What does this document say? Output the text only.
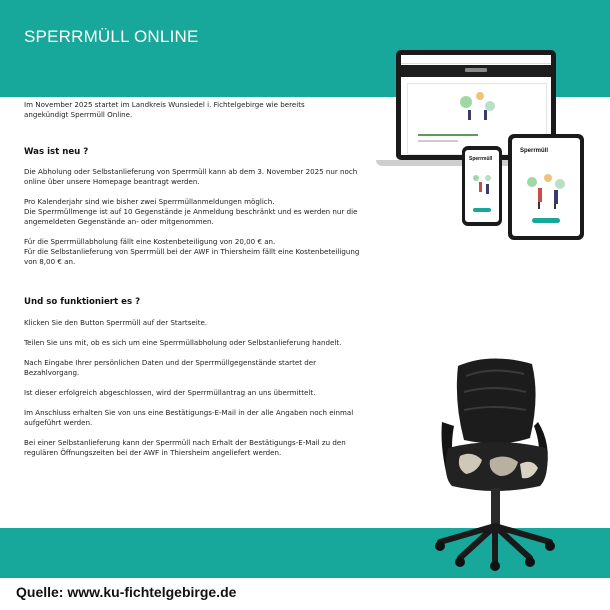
SPERRMÜLL ONLINE

Im November 2025 startet im Landkreis Wunsiedel i. Fichtelgebirge wie bereits
angekündigt Sperrmüll Online.

Was ist neu ?

Die Abholung oder Selbstanlieferung von Sperrmüll kann ab dem 3. November 2025 nur noch
online über unsere Homepage beantragt werden.

Pro Kalenderjahr sind wie bisher zwei Sperrmüllanmeldungen möglich.
Die Sperrmüllmenge ist auf 10 Gegenstände je Anmeldung beschränkt und es werden nur die
angemeldeten Gegenstände an- oder mitgenommen.

Für die Sperrmüllabholung fällt eine Kostenbeteiligung von 20,00 € an.
Für die Selbstanlieferung von Sperrmüll bei der AWF in Thiersheim fällt eine Kostenbeteiligung
von 8,00 € an.

Und so funktioniert es ?

Klicken Sie den Button Sperrmüll auf der Startseite.

Teilen Sie uns mit, ob es sich um eine Sperrmüllabholung oder Selbstanlieferung handelt.

Nach Eingabe Ihrer persönlichen Daten und der Sperrmüllgegenstände startet der
Bezahlvorgang.

Ist dieser erfolgreich abgeschlossen, wird der Sperrmüllantrag an uns übermittelt.

Im Anschluss erhalten Sie von uns eine Bestätigungs-E-Mail in der alle Angaben noch einmal
aufgeführt werden.

Bei einer Selbstanlieferung kann der Sperrmüll nach Erhalt der Bestätigungs-E-Mail zu den
regulären Öffnungszeiten bei der AWF in Thiersheim angeliefert werden.

Sperrmüll
Sperrmüll
Quelle: www.ku-fichtelgebirge.de
